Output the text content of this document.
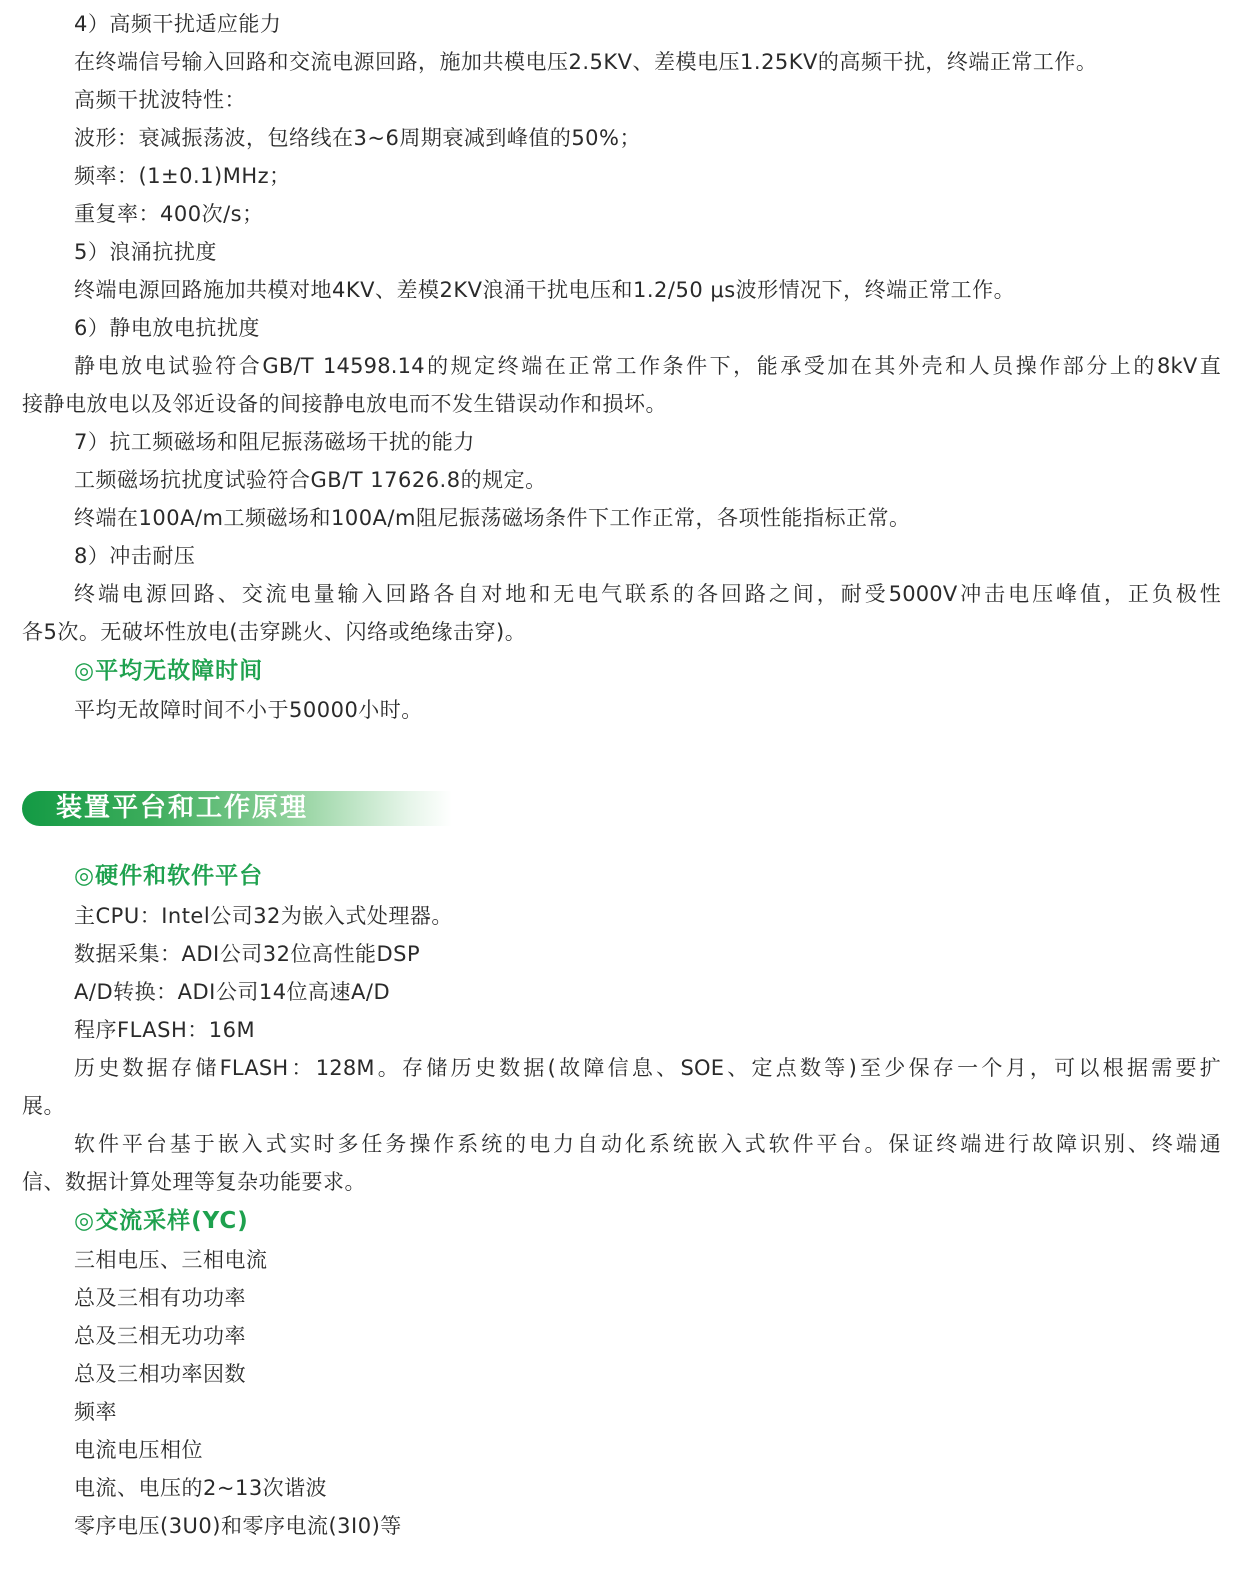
4）高频干扰适应能力
在终端信号输入回路和交流电源回路，施加共模电压2.5KV、差模电压1.25KV的高频干扰，终端正常工作。
高频干扰波特性：
波形：衰减振荡波，包络线在3~6周期衰减到峰值的50%；
频率：(1±0.1)MHz；
重复率：400次/s；
5）浪涌抗扰度
终端电源回路施加共模对地4KV、差模2KV浪涌干扰电压和1.2/50 μs波形情况下，终端正常工作。
6）静电放电抗扰度
静电放电试验符合GB/T 14598.14的规定终端在正常工作条件下，能承受加在其外壳和人员操作部分上的8kV直
接静电放电以及邻近设备的间接静电放电而不发生错误动作和损坏。
7）抗工频磁场和阻尼振荡磁场干扰的能力
工频磁场抗扰度试验符合GB/T 17626.8的规定。
终端在100A/m工频磁场和100A/m阻尼振荡磁场条件下工作正常，各项性能指标正常。
8）冲击耐压
终端电源回路、交流电量输入回路各自对地和无电气联系的各回路之间，耐受5000V冲击电压峰值，正负极性
各5次。无破坏性放电(击穿跳火、闪络或绝缘击穿)。
◎平均无故障时间
平均无故障时间不小于50000小时。
装置平台和工作原理
◎硬件和软件平台
主CPU：Intel公司32为嵌入式处理器。
数据采集：ADI公司32位高性能DSP
A/D转换：ADI公司14位高速A/D
程序FLASH：16M
历史数据存储FLASH：128M。存储历史数据(故障信息、SOE、定点数等)至少保存一个月，可以根据需要扩
展。
软件平台基于嵌入式实时多任务操作系统的电力自动化系统嵌入式软件平台。保证终端进行故障识别、终端通
信、数据计算处理等复杂功能要求。
◎交流采样(YC)
三相电压、三相电流
总及三相有功功率
总及三相无功功率
总及三相功率因数
频率
电流电压相位
电流、电压的2~13次谐波
零序电压(3U0)和零序电流(3I0)等
